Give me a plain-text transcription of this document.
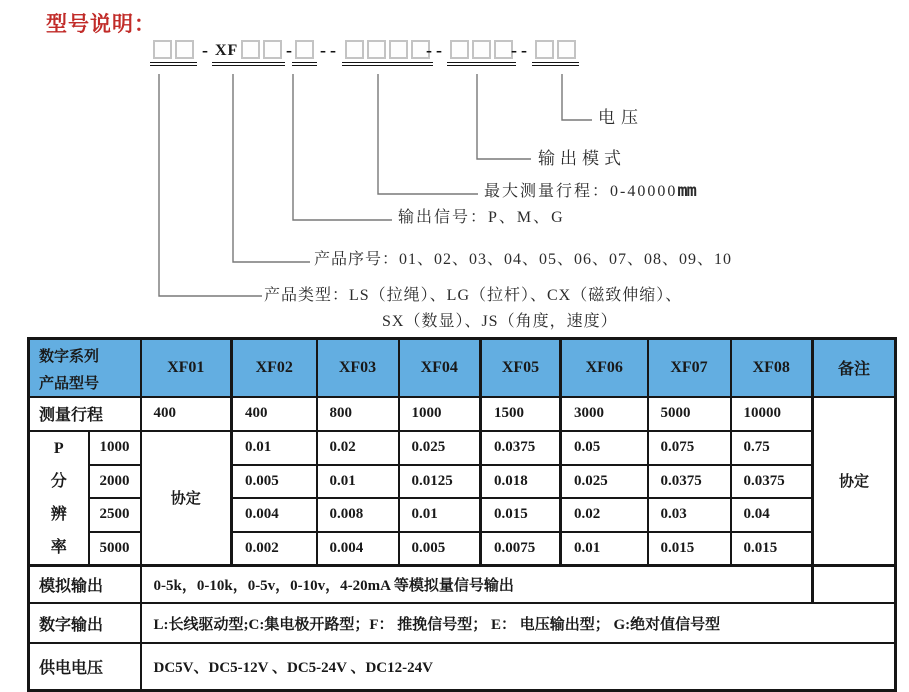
型号说明：
XF
-	- --	--	--
电压
输出模式
最大测量行程：0-40000mm
输出信号：P、M、G
产品序号：01、02、03、04、05、06、07、08、09、10
产品类型：LS（拉绳）、LG（拉杆）、CX（磁致伸缩）、
SX（数显）、JS（角度，速度）
数字系列
产品型号		XF01	XF02	XF03	XF04	XF05	XF06	XF07	XF08	备注
测量行程		400	400	800	1000	1500	3000	5000	10000	协定

P
分
辨
率	1000	协定	0.01	0.02	0.025	0.0375	0.05	0.075	0.75	
	2000		0.005	0.01	0.0125	0.018	0.025	0.0375	0.0375	
	2500		0.004	0.008	0.01	0.015	0.02	0.03	0.04	
	5000		0.002	0.004	0.005	0.0075	0.01	0.015	0.015	
模拟输出		0-5k，0-10k，0-5v，0-10v，4-20mA 等模拟量信号输出								
数字输出		L:长线驱动型;C:集电极开路型；F： 推挽信号型； E： 电压输出型； G:绝对值信号型								
供电电压		DC5V、DC5-12V 、DC5-24V 、DC12-24V								
